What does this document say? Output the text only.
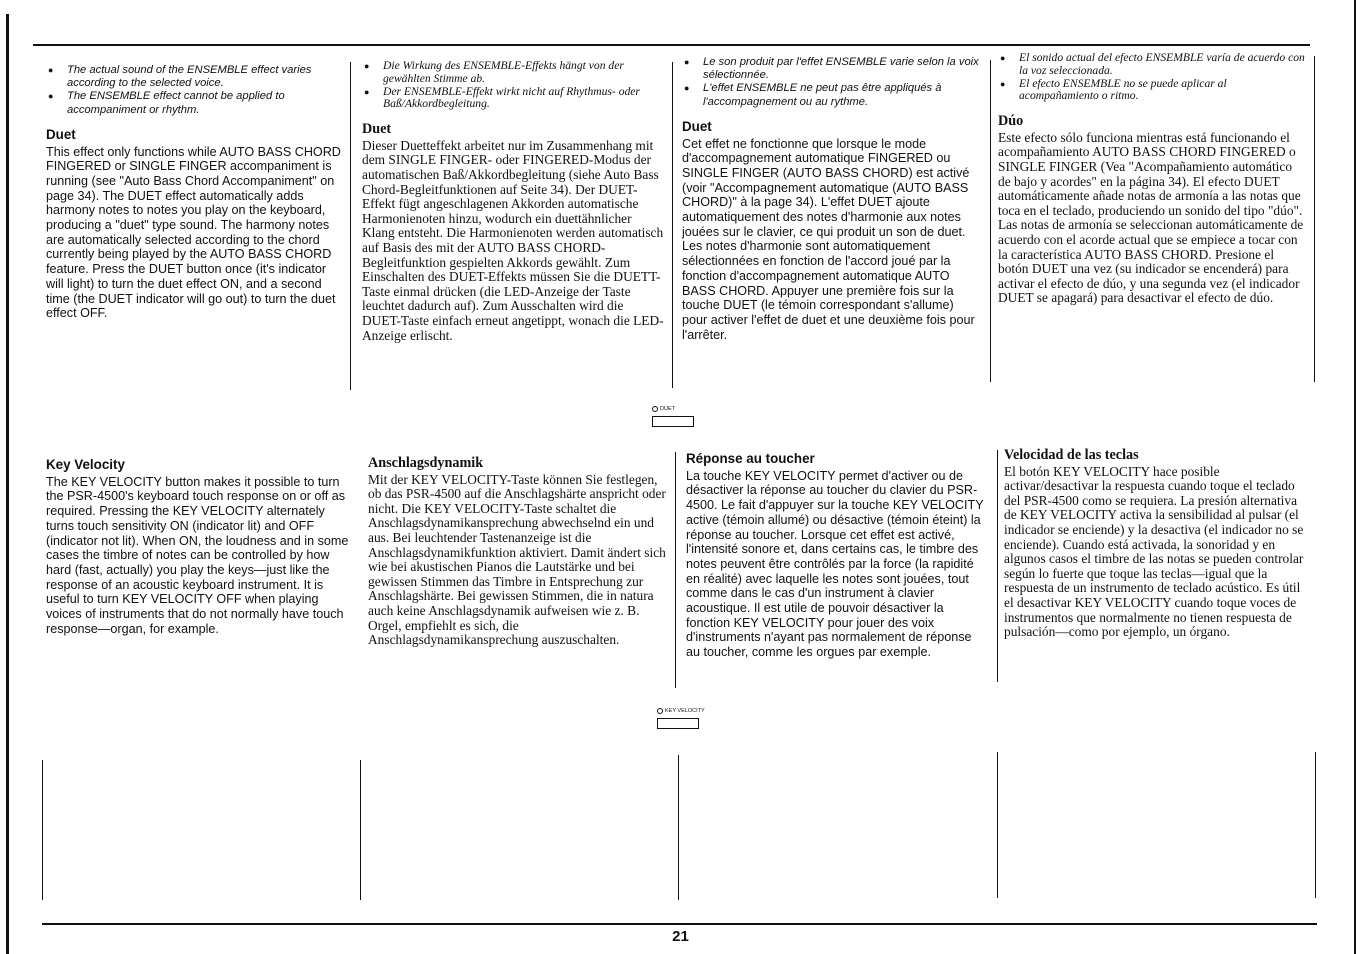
● The actual sound of the ENSEMBLE effect varies according to the selected voice.
● The ENSEMBLE effect cannot be applied to accompaniment or rhythm.
Duet

This effect only functions while AUTO BASS CHORD FINGERED or SINGLE FINGER accompaniment is running (see "Auto Bass Chord Accompaniment" on page 34). The DUET effect automatically adds harmony notes to notes you play on the keyboard, producing a "duet" type sound. The harmony notes are automatically selected according to the chord currently being played by the AUTO BASS CHORD feature. Press the DUET button once (it's indicator will light) to turn the duet effect ON, and a second time (the DUET indicator will go out) to turn the duet effect OFF.

Key Velocity

The KEY VELOCITY button makes it possible to turn the PSR-4500's keyboard touch response on or off as required. Pressing the KEY VELOCITY alternately turns touch sensitivity ON (indicator lit) and OFF (indicator not lit). When ON, the loudness and in some cases the timbre of notes can be controlled by how hard (fast, actually) you play the keys—just like the response of an acoustic keyboard instrument. It is useful to turn KEY VELOCITY OFF when playing voices of instruments that do not normally have touch response—organ, for example.

● Die Wirkung des ENSEMBLE-Effekts hängt von der gewählten Stimme ab.
● Der ENSEMBLE-Effekt wirkt nicht auf Rhythmus- oder Baß/Akkordbegleitung.
Duet

Dieser Duetteffekt arbeitet nur im Zusammenhang mit dem SINGLE FINGER- oder FINGERED-Modus der automatischen Baß/Akkordbegleitung (siehe Auto Bass Chord-Begleitfunktionen auf Seite 34). Der DUET-Effekt fügt angeschlagenen Akkorden automatische Harmonienoten hinzu, wodurch ein duettähnlicher Klang entsteht. Die Harmonienoten werden automatisch auf Basis des mit der AUTO BASS CHORD-Begleitfunktion gespielten Akkords gewählt. Zum Einschalten des DUET-Effekts müssen Sie die DUETT-Taste einmal drücken (die LED-Anzeige der Taste leuchtet dadurch auf). Zum Ausschalten wird die DUET-Taste einfach erneut angetippt, wonach die LED-Anzeige erlischt.

Anschlagsdynamik

Mit der KEY VELOCITY-Taste können Sie festlegen, ob das PSR-4500 auf die Anschlagshärte anspricht oder nicht. Die KEY VELOCITY-Taste schaltet die Anschlagsdynamikansprechung abwechselnd ein und aus. Bei leuchtender Tastenanzeige ist die Anschlagsdynamikfunktion aktiviert. Damit ändert sich wie bei akustischen Pianos die Lautstärke und bei gewissen Stimmen das Timbre in Entsprechung zur Anschlagshärte. Bei gewissen Stimmen, die in natura auch keine Anschlagsdynamik aufweisen wie z. B. Orgel, empfiehlt es sich, die Anschlagsdynamikansprechung auszuschalten.

● Le son produit par l'effet ENSEMBLE varie selon la voix sélectionnée.
● L'effet ENSEMBLE ne peut pas être appliqués à l'accompagnement ou au rythme.
Duet

Cet effet ne fonctionne que lorsque le mode d'accompagnement automatique FINGERED ou SINGLE FINGER (AUTO BASS CHORD) est activé (voir "Accompagnement automatique (AUTO BASS CHORD)" à la page 34). L'effet DUET ajoute automatiquement des notes d'harmonie aux notes jouées sur le clavier, ce qui produit un son de duet. Les notes d'harmonie sont automatiquement sélectionnées en fonction de l'accord joué par la fonction d'accompagnement automatique AUTO BASS CHORD. Appuyer une première fois sur la touche DUET (le témoin correspondant s'allume) pour activer l'effet de duet et une deuxième fois pour l'arrêter.

Réponse au toucher

La touche KEY VELOCITY permet d'activer ou de désactiver la réponse au toucher du clavier du PSR-4500. Le fait d'appuyer sur la touche KEY VELOCITY active (témoin allumé) ou désactive (témoin éteint) la réponse au toucher. Lorsque cet effet est activé, l'intensité sonore et, dans certains cas, le timbre des notes peuvent être contrôlés par la force (la rapidité en réalité) avec laquelle les notes sont jouées, tout comme dans le cas d'un instrument à clavier acoustique. Il est utile de pouvoir désactiver la fonction KEY VELOCITY pour jouer des voix d'instruments n'ayant pas normalement de réponse au toucher, comme les orgues par exemple.

● El sonido actual del efecto ENSEMBLE varía de acuerdo con la voz seleccionada.
● El efecto ENSEMBLE no se puede aplicar al acompañamiento o ritmo.
Dúo

Este efecto sólo funciona mientras está funcionando el acompañamiento AUTO BASS CHORD FINGERED o SINGLE FINGER (Vea "Acompañamiento automático de bajo y acordes" en la página 34). El efecto DUET automáticamente añade notas de armonía a las notas que toca en el teclado, produciendo un sonido del tipo "dúo". Las notas de armonía se seleccionan automáticamente de acuerdo con el acorde actual que se empiece a tocar con la característica AUTO BASS CHORD. Presione el botón DUET una vez (su indicador se encenderá) para activar el efecto de dúo, y una segunda vez (el indicador DUET se apagará) para desactivar el efecto de dúo.

Velocidad de las teclas

El botón KEY VELOCITY hace posible activar/desactivar la respuesta cuando toque el teclado del PSR-4500 como se requiera. La presión alternativa de KEY VELOCITY activa la sensibilidad al pulsar (el indicador se enciende) y la desactiva (el indicador no se enciende). Cuando está activada, la sonoridad y en algunos casos el timbre de las notas se pueden controlar según lo fuerte que toque las teclas—igual que la respuesta de un instrumento de teclado acústico. Es útil el desactivar KEY VELOCITY cuando toque voces de instrumentos que normalmente no tienen respuesta de pulsación—como por ejemplo, un órgano.

DUET
KEY VELOCITY
21
